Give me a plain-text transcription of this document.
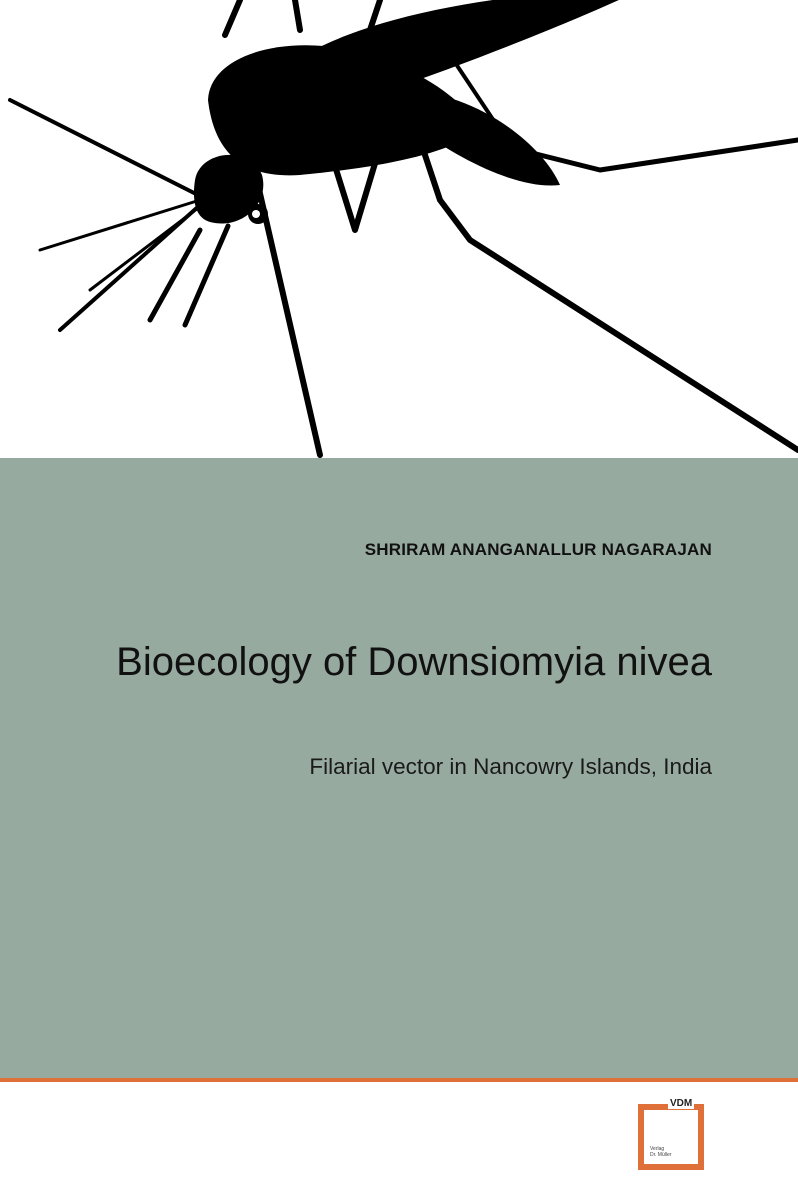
SHRIRAM ANANGANALLUR NAGARAJAN
Bioecology of Downsiomyia nivea
Filarial vector in Nancowry Islands, India
VDM
Verlag
Dr. Müller
